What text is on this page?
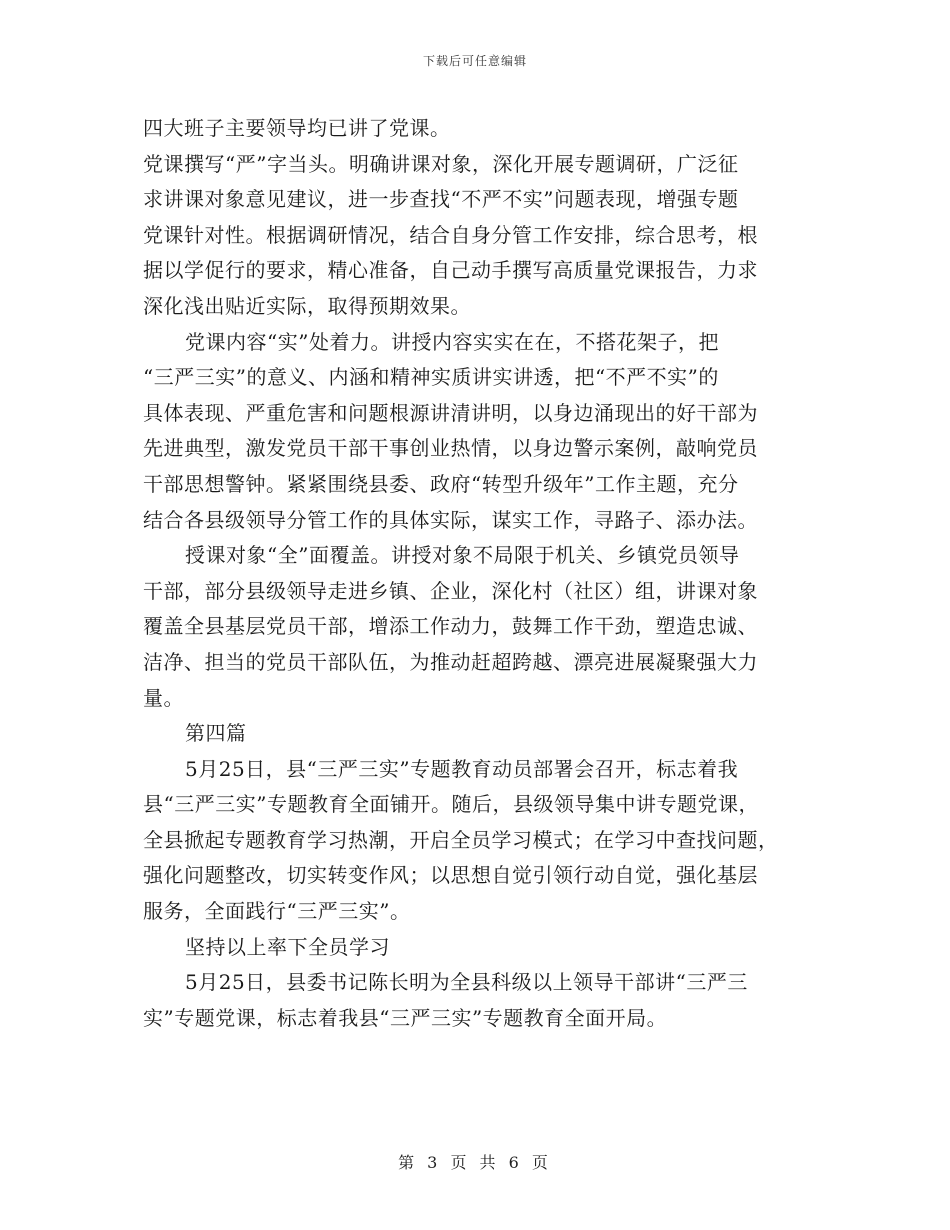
下载后可任意编辑
四大班子主要领导均已讲了党课。
党课撰写“严”字当头。明确讲课对象，深化开展专题调研，广泛征
求讲课对象意见建议，进一步查找“不严不实”问题表现，增强专题
党课针对性。根据调研情况，结合自身分管工作安排，综合思考，根
据以学促行的要求，精心准备，自己动手撰写高质量党课报告，力求
深化浅出贴近实际，取得预期效果。
党课内容“实”处着力。讲授内容实实在在，不搭花架子，把
“三严三实”的意义、内涵和精神实质讲实讲透，把“不严不实”的
具体表现、严重危害和问题根源讲清讲明，以身边涌现出的好干部为
先进典型，激发党员干部干事创业热情，以身边警示案例，敲响党员
干部思想警钟。紧紧围绕县委、政府“转型升级年”工作主题，充分
结合各县级领导分管工作的具体实际，谋实工作，寻路子、添办法。
授课对象“全”面覆盖。讲授对象不局限于机关、乡镇党员领导
干部，部分县级领导走进乡镇、企业，深化村（社区）组，讲课对象
覆盖全县基层党员干部，增添工作动力，鼓舞工作干劲，塑造忠诚、
洁净、担当的党员干部队伍，为推动赶超跨越、漂亮进展凝聚强大力
量。
第四篇
5月25日，县“三严三实”专题教育动员部署会召开，标志着我
县“三严三实”专题教育全面铺开。随后，县级领导集中讲专题党课，
全县掀起专题教育学习热潮，开启全员学习模式；在学习中查找问题，
强化问题整改，切实转变作风；以思想自觉引领行动自觉，强化基层
服务，全面践行“三严三实”。
坚持以上率下全员学习
5月25日，县委书记陈长明为全县科级以上领导干部讲“三严三
实”专题党课，标志着我县“三严三实”专题教育全面开局。
第 3 页 共 6 页
